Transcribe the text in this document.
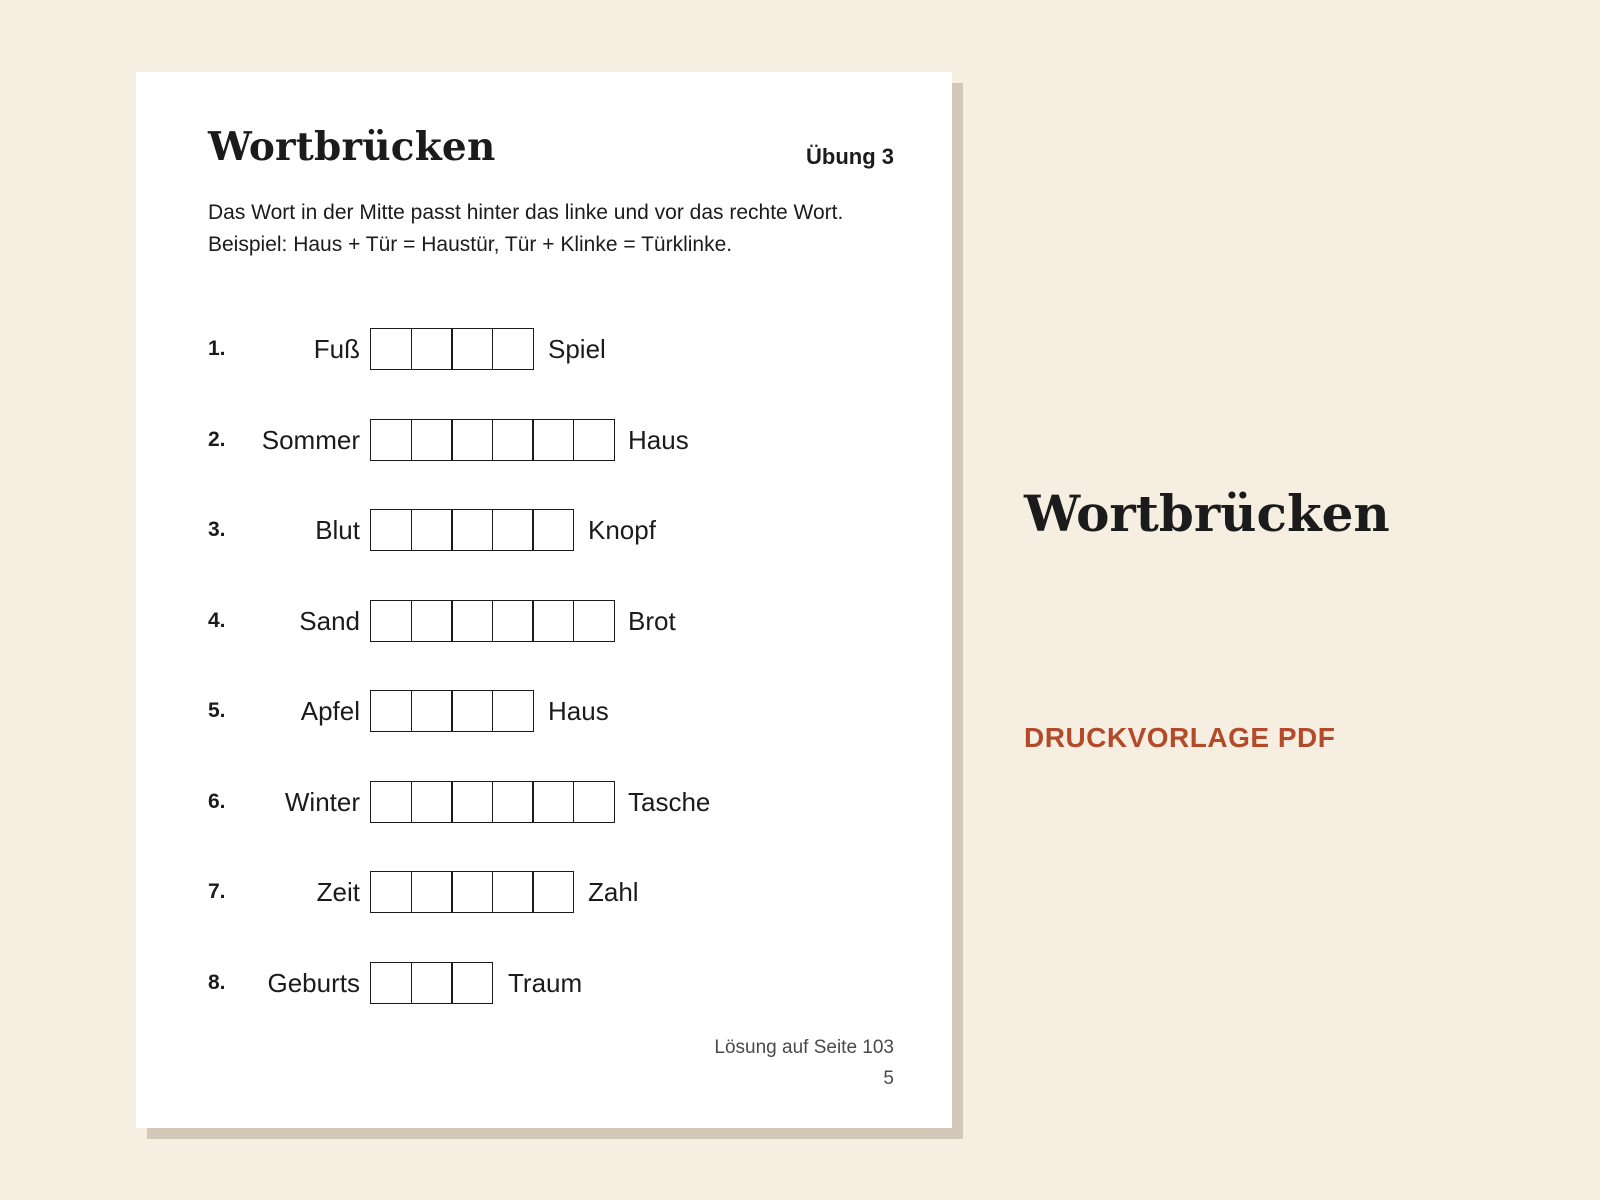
Wortbrücken	Übung 3
Das Wort in der Mitte passt hinter das linke und vor das rechte Wort. Beispiel: Haus + Tür = Haustür, Tür + Klinke = Türklinke.
1.	Fuß	Spiel
2. Sommer	Haus
3.	Blut	Knopf
4.	Sand	Brot
5.	Apfel	Haus
6. Winter	Tasche
7.	Zeit	Zahl
8. Geburts	Traum
Lösung auf Seite 103
5
Wortbrücken
DRUCKVORLAGE PDF
